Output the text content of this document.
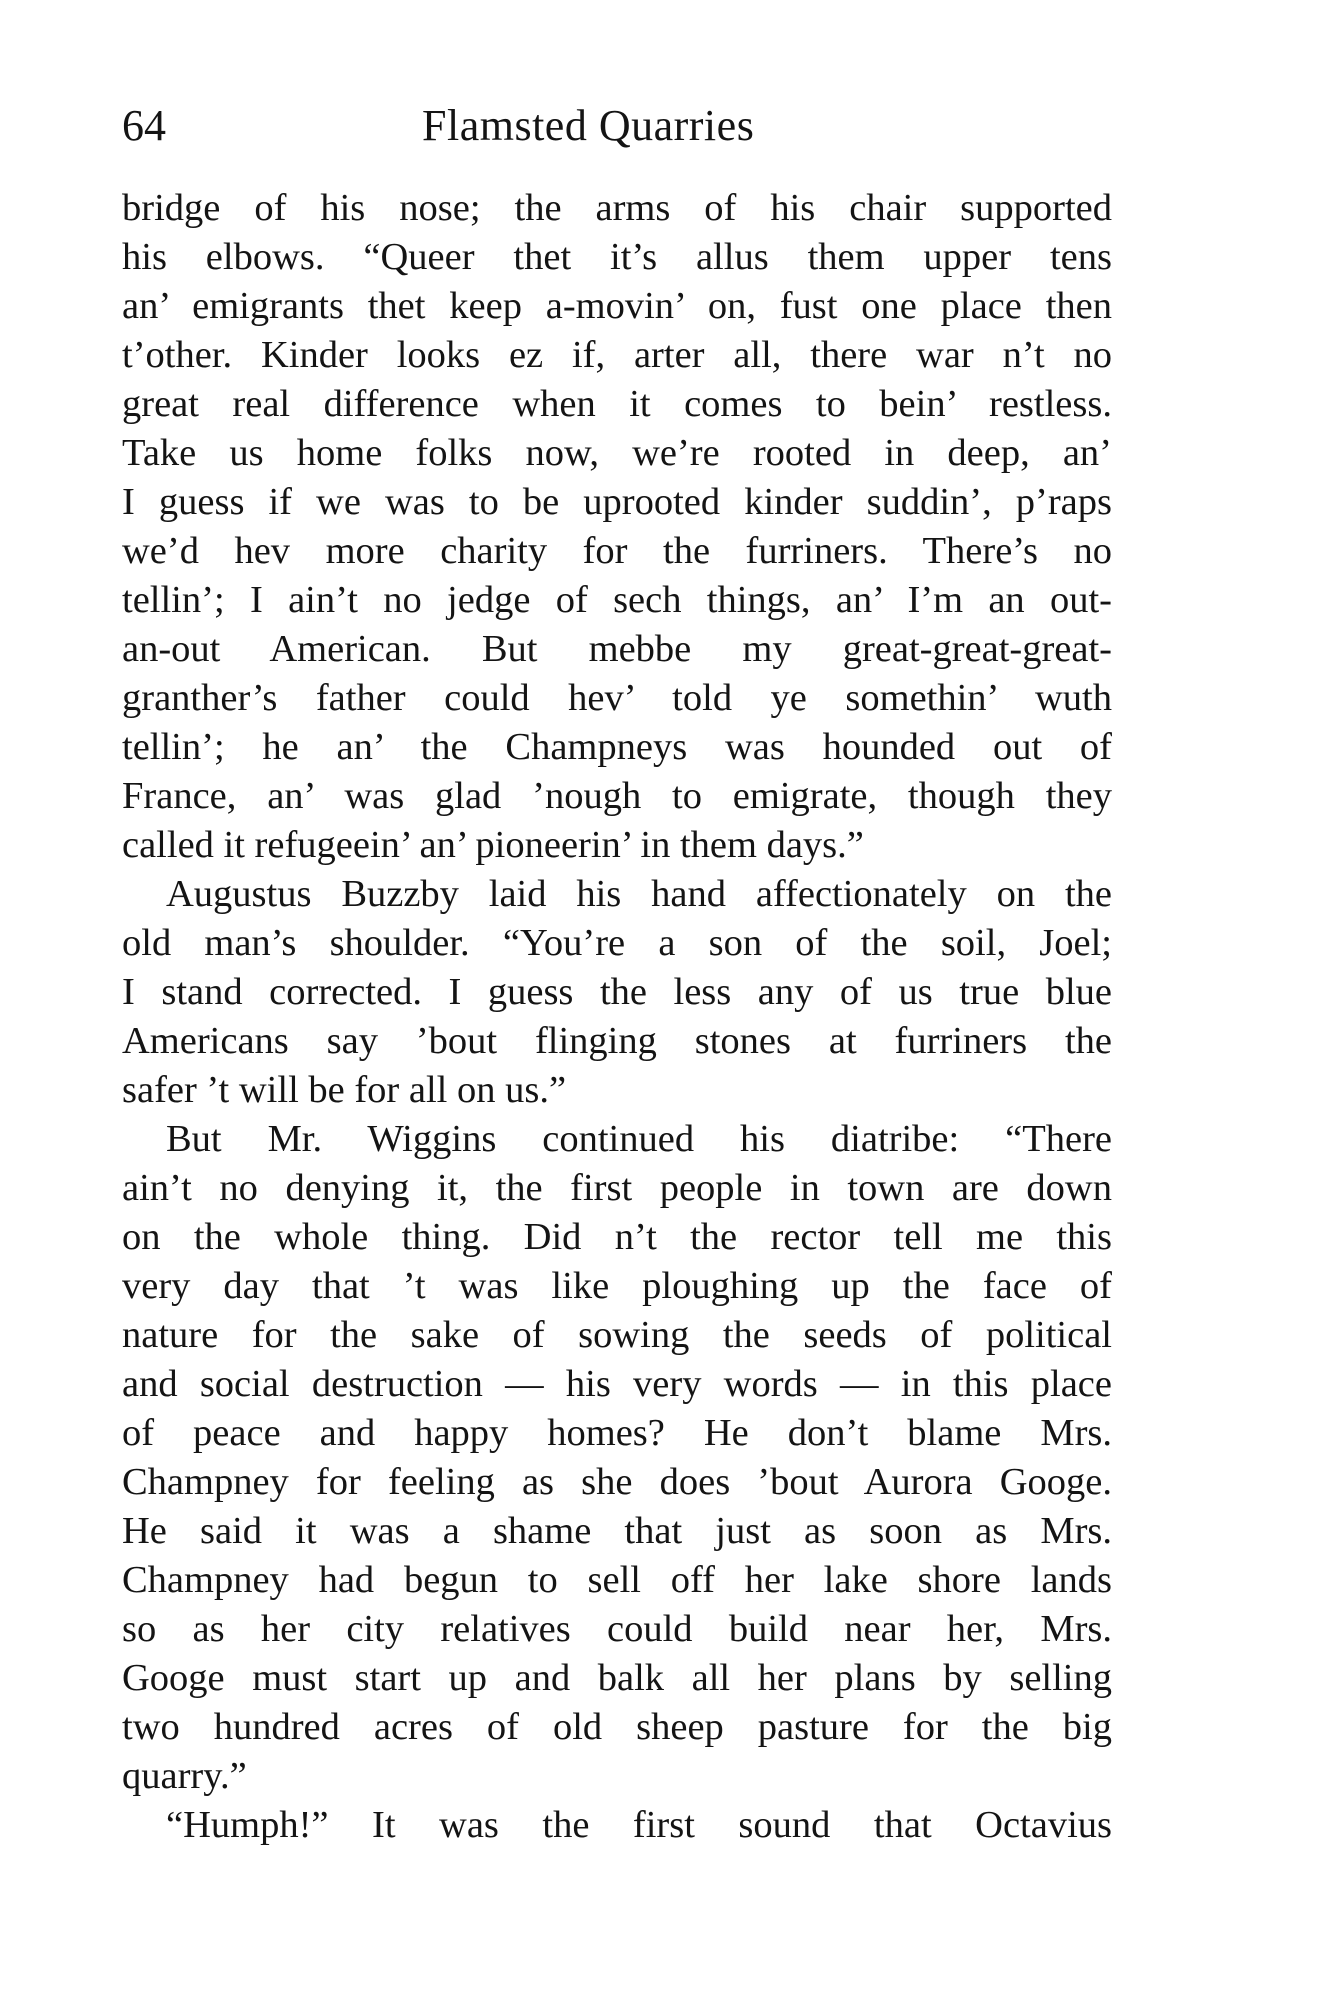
64	Flamsted Quarries
bridge of his nose; the arms of his chair supported
his elbows. “Queer thet it’s allus them upper tens
an’ emigrants thet keep a-movin’ on, fust one place then
t’other. Kinder looks ez if, arter all, there war n’t no
great real difference when it comes to bein’ restless.
Take us home folks now, we’re rooted in deep, an’
I guess if we was to be uprooted kinder suddin’, p’raps
we’d hev more charity for the furriners. There’s no
tellin’; I ain’t no jedge of sech things, an’ I’m an out-
an-out American. But mebbe my great-great-great-
granther’s father could hev’ told ye somethin’ wuth
tellin’; he an’ the Champneys was hounded out of
France, an’ was glad ’nough to emigrate, though they
called it refugeein’ an’ pioneerin’ in them days.”
Augustus Buzzby laid his hand affectionately on the
old man’s shoulder. “You’re a son of the soil, Joel;
I stand corrected. I guess the less any of us true blue
Americans say ’bout flinging stones at furriners the
safer ’t will be for all on us.”
But Mr. Wiggins continued his diatribe: “There
ain’t no denying it, the first people in town are down
on the whole thing. Did n’t the rector tell me this
very day that ’t was like ploughing up the face of
nature for the sake of sowing the seeds of political
and social destruction — his very words — in this place
of peace and happy homes? He don’t blame Mrs.
Champney for feeling as she does ’bout Aurora Googe.
He said it was a shame that just as soon as Mrs.
Champney had begun to sell off her lake shore lands
so as her city relatives could build near her, Mrs.
Googe must start up and balk all her plans by selling
two hundred acres of old sheep pasture for the big
quarry.”
“Humph!” It was the first sound that Octavius
